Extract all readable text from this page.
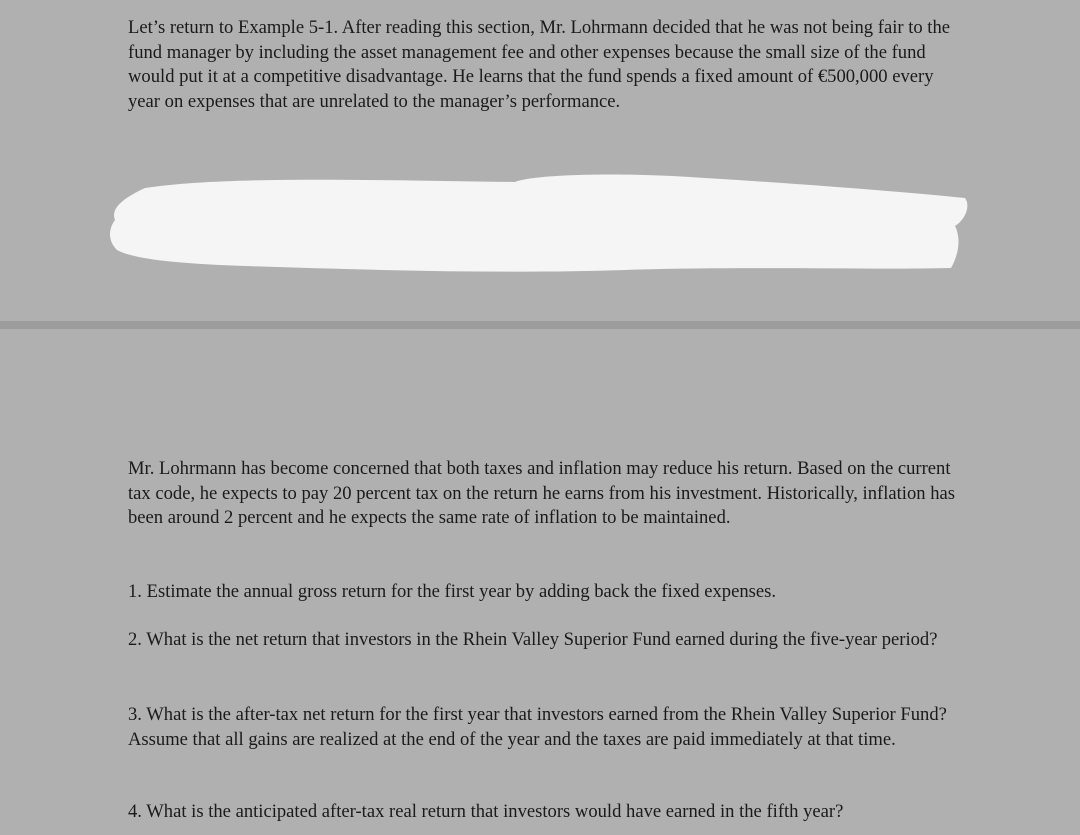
Let’s return to Example 5-1. After reading this section, Mr. Lohrmann decided that he was not being fair to the fund manager by including the asset management fee and other expenses because the small size of the fund would put it at a competitive disadvantage. He learns that the fund spends a fixed amount of €500,000 every year on expenses that are unrelated to the manager’s performance.

Mr. Lohrmann has become concerned that both taxes and inflation may reduce his return. Based on the current tax code, he expects to pay 20 percent tax on the return he earns from his investment. Historically, inflation has been around 2 percent and he expects the same rate of inflation to be maintained.

1. Estimate the annual gross return for the first year by adding back the fixed expenses.

2. What is the net return that investors in the Rhein Valley Superior Fund earned during the five-year period?

3. What is the after-tax net return for the first year that investors earned from the Rhein Valley Superior Fund? Assume that all gains are realized at the end of the year and the taxes are paid immediately at that time.

4. What is the anticipated after-tax real return that investors would have earned in the fifth year?
